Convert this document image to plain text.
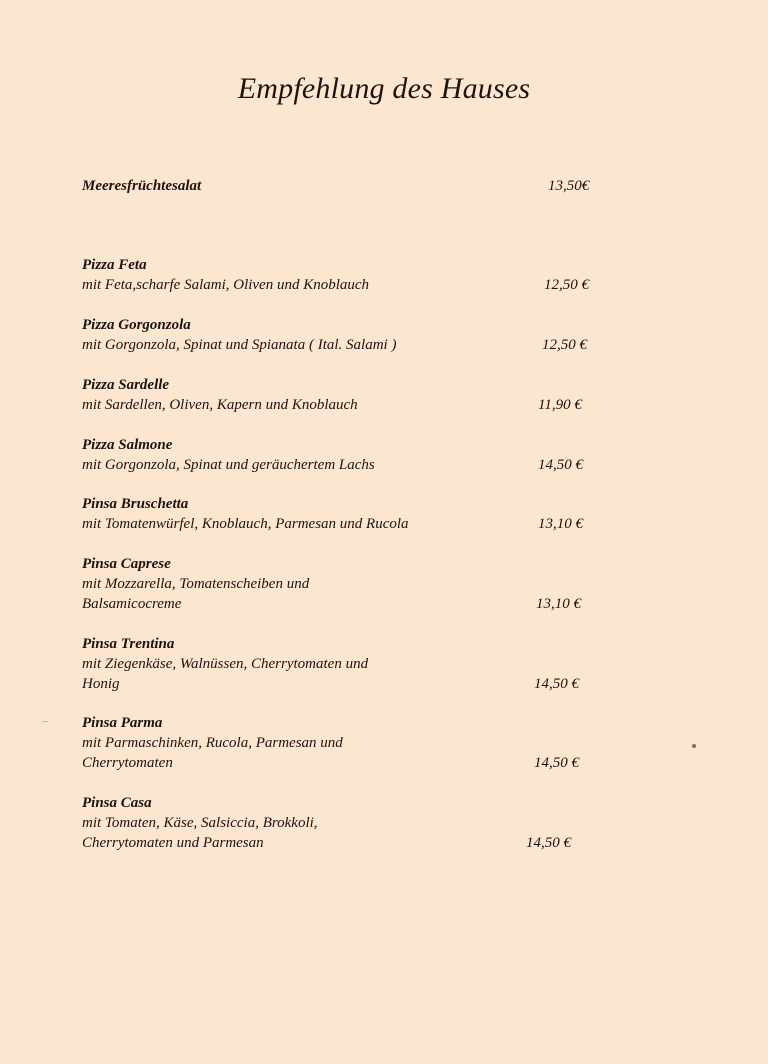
Empfehlung des Hauses
Meeresfrüchtesalat	13,50€
Pizza Feta
mit Feta,scharfe Salami, Oliven und Knoblauch	12,50 €
Pizza Gorgonzola
mit Gorgonzola, Spinat und Spianata ( Ital. Salami )	12,50 €
Pizza Sardelle
mit Sardellen, Oliven, Kapern und Knoblauch	11,90 €
Pizza Salmone
mit Gorgonzola, Spinat und geräuchertem Lachs	14,50 €
Pinsa Bruschetta
mit Tomatenwürfel, Knoblauch, Parmesan und Rucola	13,10 €
Pinsa Caprese
mit Mozzarella, Tomatenscheiben und
Balsamicocreme	13,10 €
Pinsa Trentina
mit Ziegenkäse, Walnüssen, Cherrytomaten und
Honig	14,50 €
Pinsa Parma
mit Parmaschinken, Rucola, Parmesan und
Cherrytomaten	14,50 €
Pinsa Casa
mit Tomaten, Käse, Salsiccia, Brokkoli,
Cherrytomaten und Parmesan	14,50 €
